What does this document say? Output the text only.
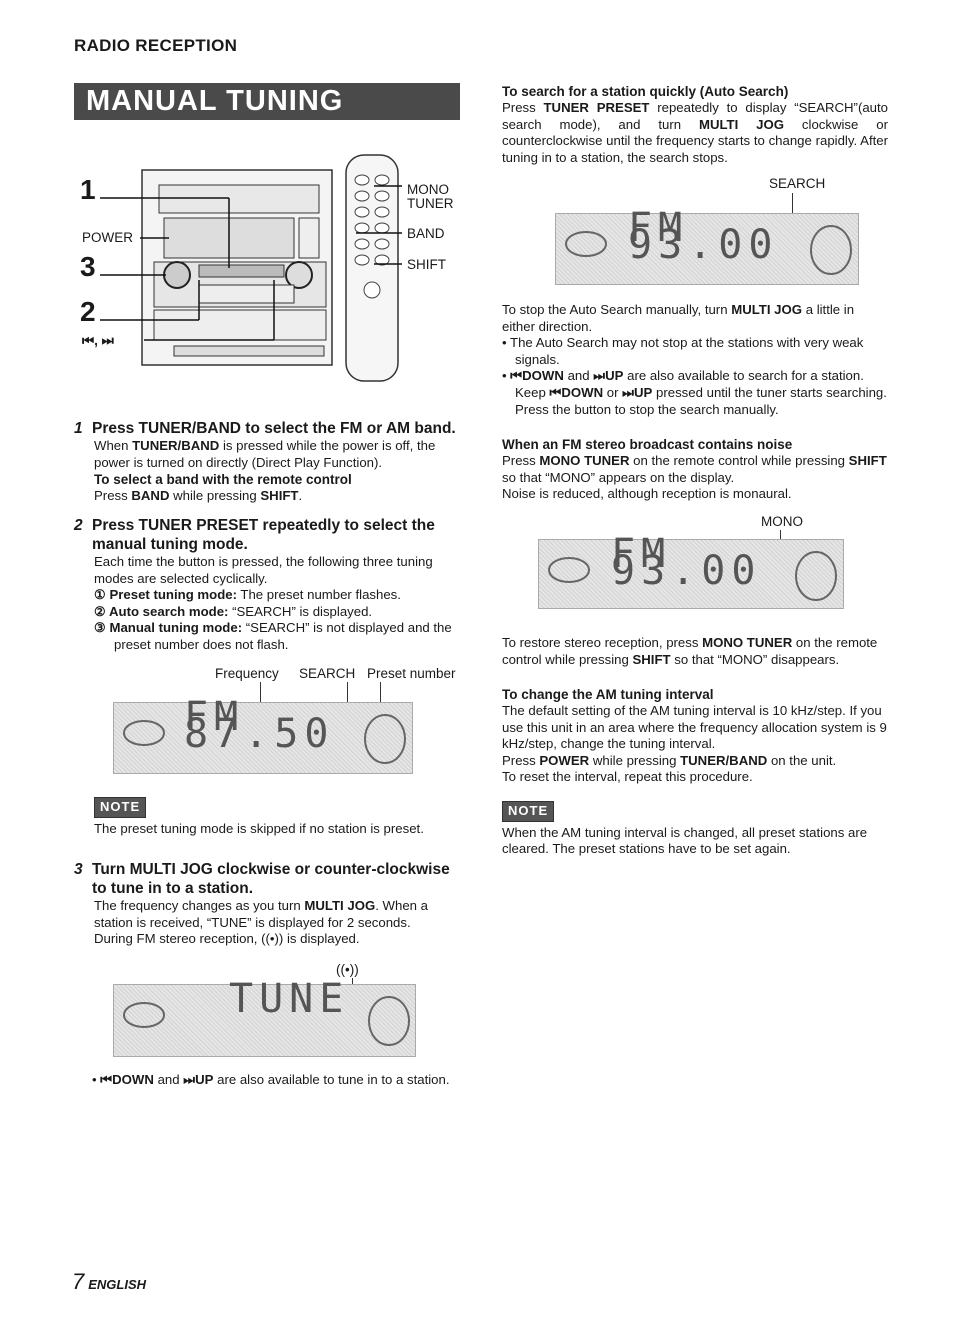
RADIO RECEPTION
MANUAL TUNING
1
POWER
3
2
⏮, ⏭
MONO
TUNER
BAND
SHIFT
1 Press TUNER/BAND to select the FM or AM band.

When TUNER/BAND is pressed while the power is off, the power is turned on directly (Direct Play Function).

To select a band with the remote control

Press BAND while pressing SHIFT.

2 Press TUNER PRESET repeatedly to select the manual tuning mode.

Each time the button is pressed, the following three tuning modes are selected cyclically.

① Preset tuning mode: The preset number flashes.
② Auto search mode: “SEARCH” is displayed.
③ Manual tuning mode: “SEARCH” is not displayed and the preset number does not flash.
Frequency SEARCH Preset number
FM 87.50
NOTE

The preset tuning mode is skipped if no station is preset.

3 Turn MULTI JOG clockwise or counter-clockwise to tune in to a station.

The frequency changes as you turn MULTI JOG. When a station is received, “TUNE” is displayed for 2 seconds.

During FM stereo reception, ((•)) is displayed.

((•))
TUNE

• ⏮DOWN and ⏭UP are also available to tune in to a station.

To search for a station quickly (Auto Search)

Press TUNER PRESET repeatedly to display “SEARCH”(auto search mode), and turn MULTI JOG clockwise or counterclockwise until the frequency starts to change rapidly. After tuning in to a station, the search stops.

SEARCH
FM 93.00

To stop the Auto Search manually, turn MULTI JOG a little in either direction.

• The Auto Search may not stop at the stations with very weak signals.

• ⏮DOWN and ⏭UP are also available to search for a station. Keep ⏮DOWN or ⏭UP pressed until the tuner starts searching. Press the button to stop the search manually.

When an FM stereo broadcast contains noise

Press MONO TUNER on the remote control while pressing SHIFT so that “MONO” appears on the display.

Noise is reduced, although reception is monaural.

MONO
FM 93.00

To restore stereo reception, press MONO TUNER on the remote control while pressing SHIFT so that “MONO” disappears.

To change the AM tuning interval

The default setting of the AM tuning interval is 10 kHz/step. If you use this unit in an area where the frequency allocation system is 9 kHz/step, change the tuning interval.

Press POWER while pressing TUNER/BAND on the unit.

To reset the interval, repeat this procedure.

NOTE

When the AM tuning interval is changed, all preset stations are cleared. The preset stations have to be set again.

7 ENGLISH
